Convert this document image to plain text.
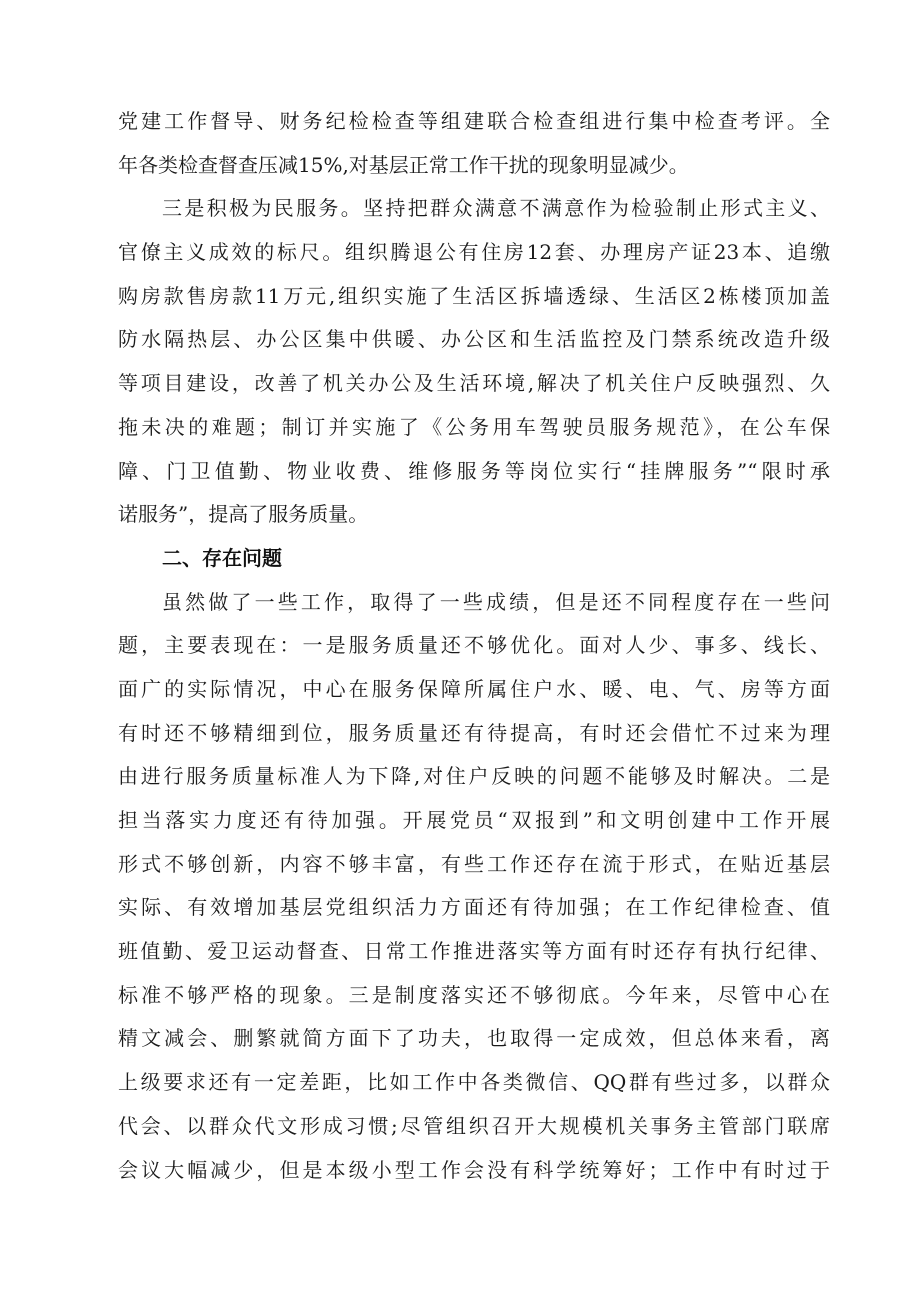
党建工作督导、财务纪检检查等组建联合检查组进行集中检查考评。全
年各类检查督查压减15%,对基层正常工作干扰的现象明显减少。
三是积极为民服务。坚持把群众满意不满意作为检验制止形式主义、
官僚主义成效的标尺。组织腾退公有住房12套、办理房产证23本、追缴
购房款售房款11万元,组织实施了生活区拆墙透绿、生活区2栋楼顶加盖
防水隔热层、办公区集中供暖、办公区和生活监控及门禁系统改造升级
等项目建设，改善了机关办公及生活环境,解决了机关住户反映强烈、久
拖未决的难题；制订并实施了《公务用车驾驶员服务规范》，在公车保
障、门卫值勤、物业收费、维修服务等岗位实行“挂牌服务”“限时承
诺服务”，提高了服务质量。
二、存在问题
虽然做了一些工作，取得了一些成绩，但是还不同程度存在一些问
题，主要表现在：一是服务质量还不够优化。面对人少、事多、线长、
面广的实际情况，中心在服务保障所属住户水、暖、电、气、房等方面
有时还不够精细到位，服务质量还有待提高，有时还会借忙不过来为理
由进行服务质量标准人为下降,对住户反映的问题不能够及时解决。二是
担当落实力度还有待加强。开展党员“双报到”和文明创建中工作开展
形式不够创新，内容不够丰富，有些工作还存在流于形式，在贴近基层
实际、有效增加基层党组织活力方面还有待加强；在工作纪律检查、值
班值勤、爱卫运动督查、日常工作推进落实等方面有时还存有执行纪律、
标准不够严格的现象。三是制度落实还不够彻底。今年来，尽管中心在
精文减会、删繁就简方面下了功夫，也取得一定成效，但总体来看，离
上级要求还有一定差距，比如工作中各类微信、QQ群有些过多，以群众
代会、以群众代文形成习惯;尽管组织召开大规模机关事务主管部门联席
会议大幅减少，但是本级小型工作会没有科学统筹好；工作中有时过于
